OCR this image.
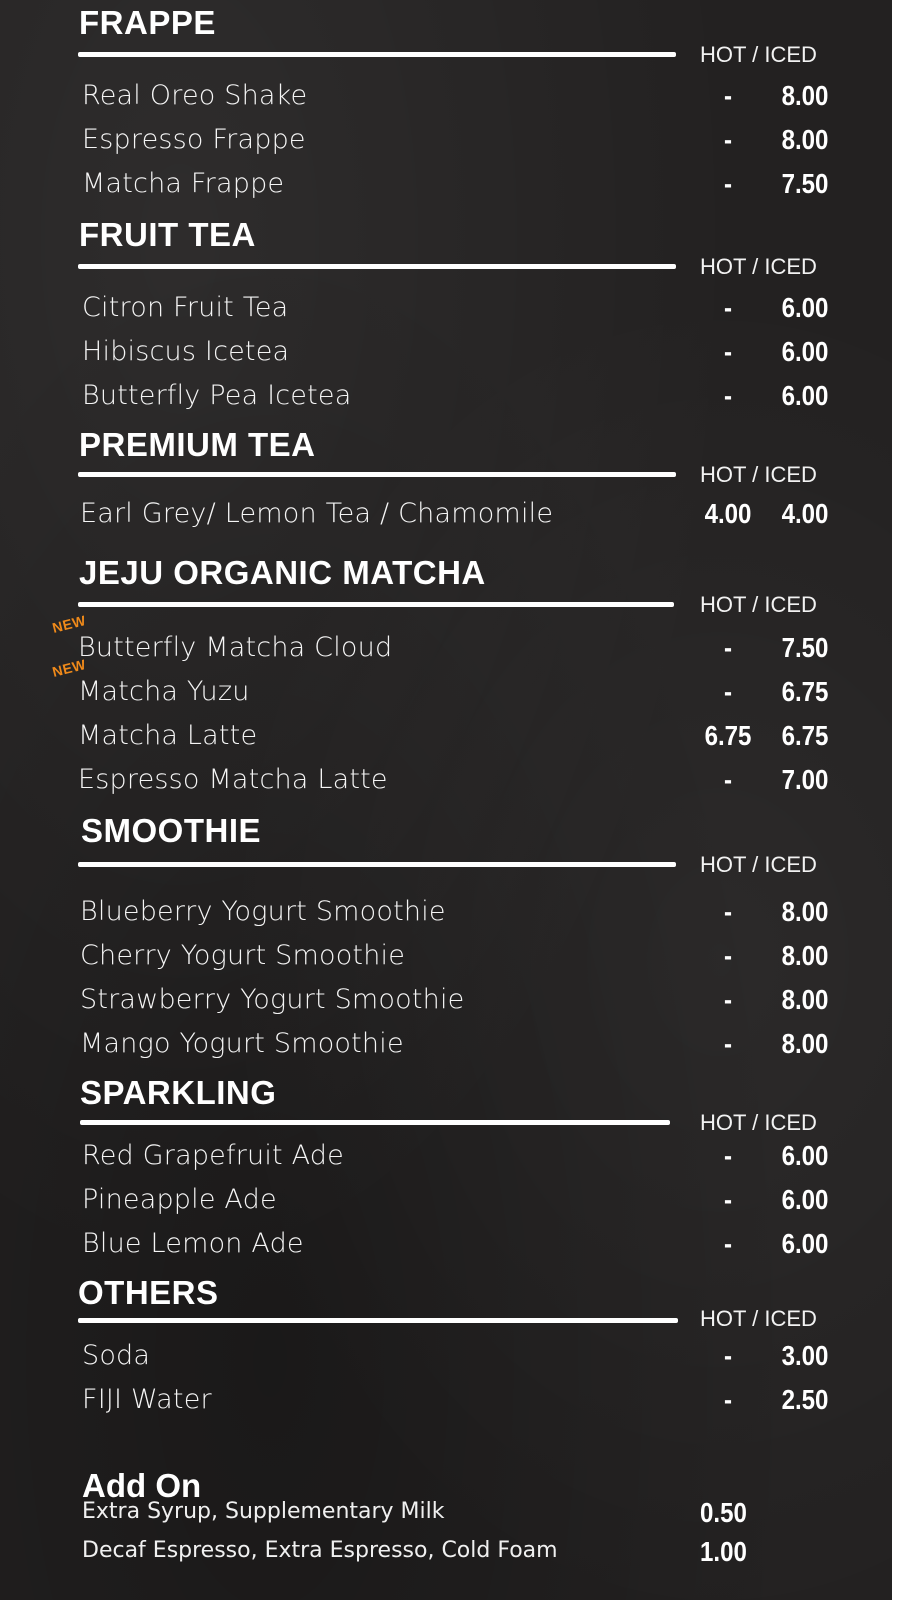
FRAPPE
HOT / ICED
Real Oreo Shake	-	8.00
Espresso Frappe	-	8.00
Matcha Frappe	-	7.50
FRUIT TEA
HOT / ICED
Citron Fruit Tea	-	6.00
Hibiscus Icetea	-	6.00
Butterfly Pea Icetea	-	6.00
PREMIUM TEA
HOT / ICED
Earl Grey/ Lemon Tea / Chamomile	4.00 4.00
JEJU ORGANIC MATCHA
HOT / ICED
NEW
Butterfly Matcha Cloud	-	7.50
NEW
Matcha Yuzu	-	6.75
Matcha Latte	6.75 6.75
Espresso Matcha Latte	-	7.00
SMOOTHIE
HOT / ICED
Blueberry Yogurt Smoothie	-	8.00
Cherry Yogurt Smoothie	-	8.00
Strawberry Yogurt Smoothie	-	8.00
Mango Yogurt Smoothie	-	8.00
SPARKLING
HOT / ICED
Red Grapefruit Ade	-	6.00
Pineapple Ade	-	6.00
Blue Lemon Ade	-	6.00
OTHERS
HOT / ICED
Soda	-	3.00
FIJI Water	-	2.50
Add On
Extra Syrup, Supplementary Milk	0.50
Decaf Espresso, Extra Espresso, Cold Foam	1.00
